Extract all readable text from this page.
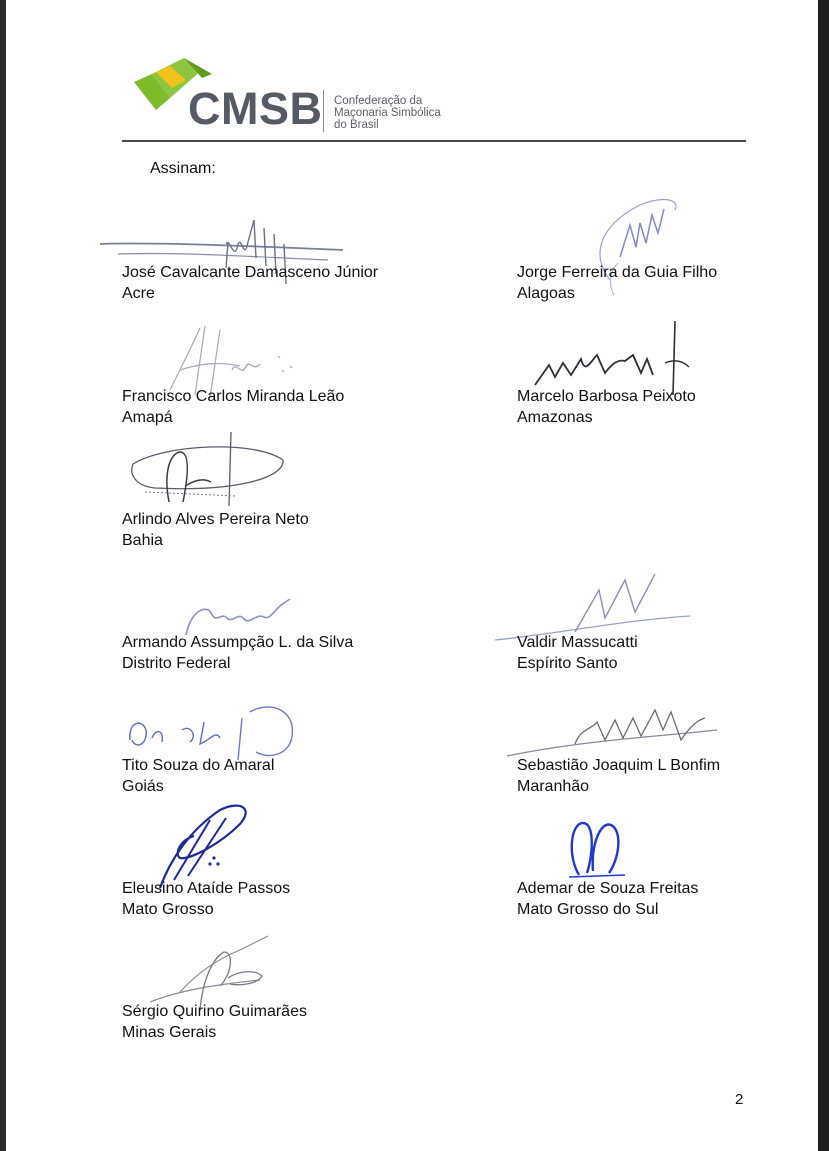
CMSB Confederação da
Maçonaria Simbólica
do Brasil
Assinam:
José Cavalcante Damasceno Júnior
Acre
Jorge Ferreira da Guia Filho
Alagoas
Francisco Carlos Miranda Leão
Amapá
Marcelo Barbosa Peixoto
Amazonas
Arlindo Alves Pereira Neto
Bahia
Armando Assumpção L. da Silva
Distrito Federal
Valdir Massucatti
Espírito Santo
Tito Souza do Amaral
Goiás
Sebastião Joaquim L Bonfim
Maranhão
Eleusino Ataíde Passos
Mato Grosso
Ademar de Souza Freitas
Mato Grosso do Sul
Sérgio Quirino Guimarães
Minas Gerais
2
